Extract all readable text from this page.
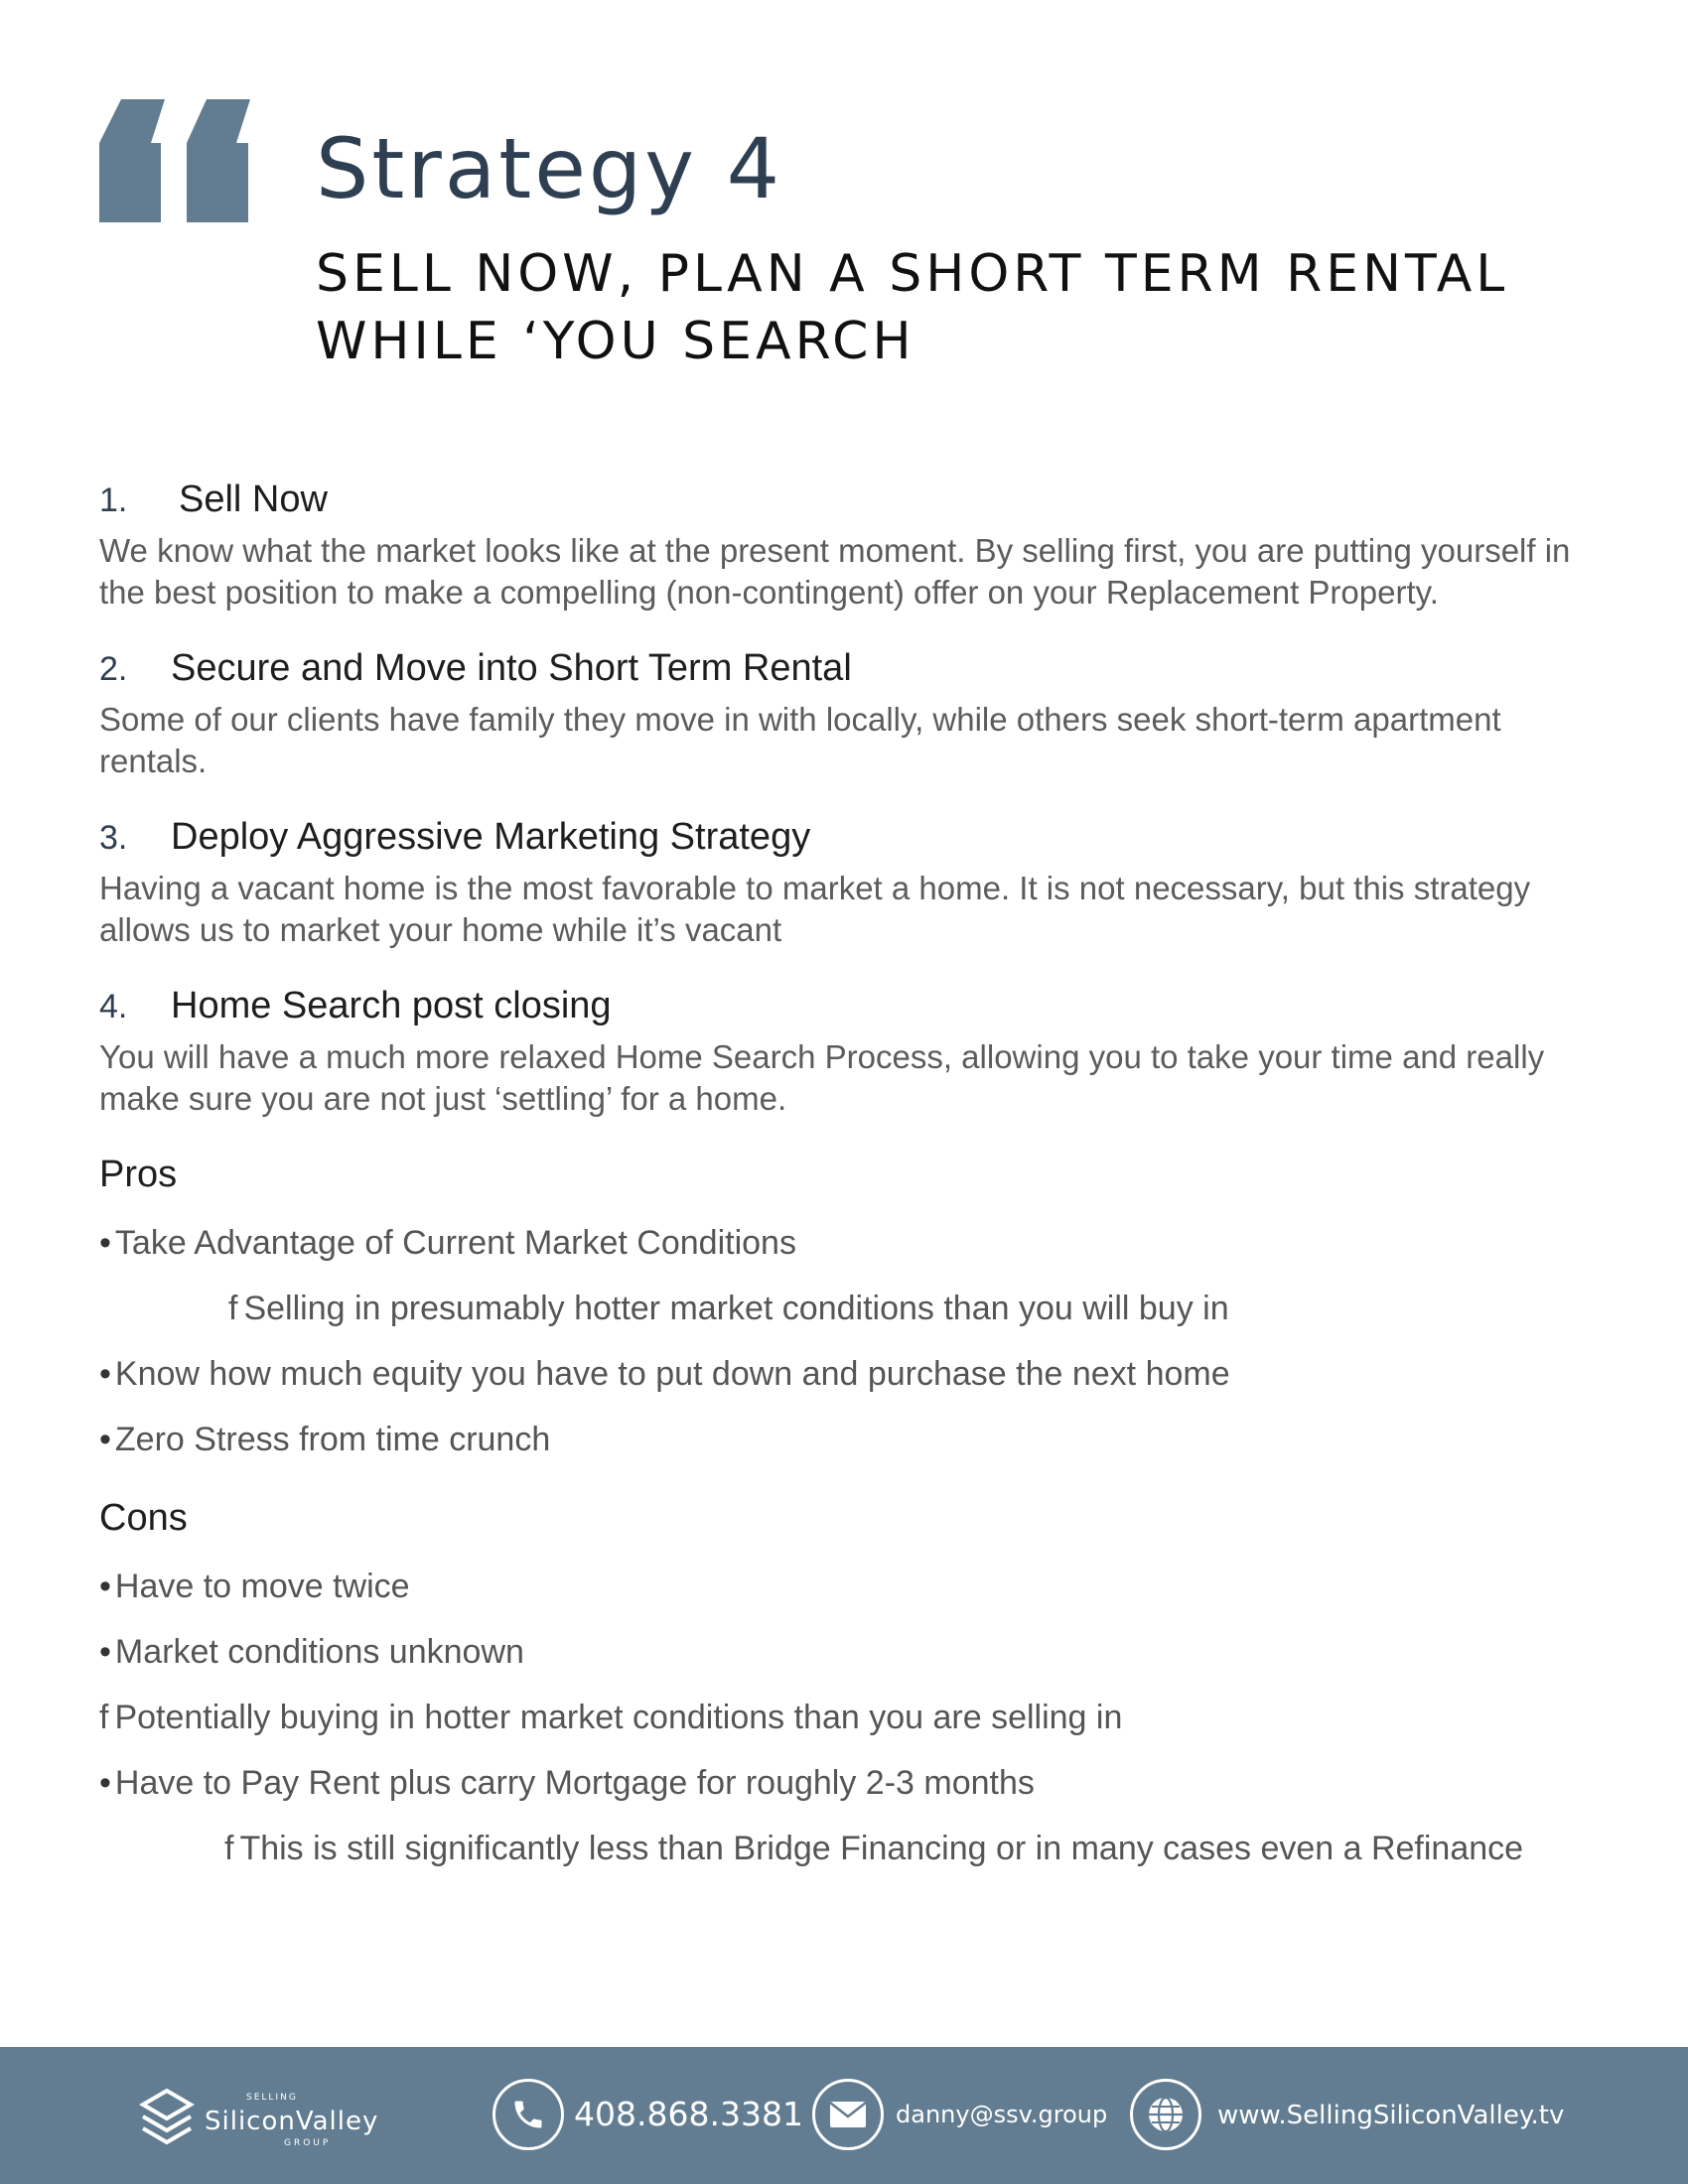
Strategy 4
SELL NOW, PLAN A SHORT TERM RENTAL
WHILE ‘YOU SEARCH
1.	Sell Now

We know what the market looks like at the present moment. By selling first, you are putting yourself in the best position to make a compelling (non-contingent) offer on your Replacement Property.

2.	Secure and Move into Short Term Rental

Some of our clients have family they move in with locally, while others seek short-term apartment rentals.

3.	Deploy Aggressive Marketing Strategy

Having a vacant home is the most favorable to market a home. It is not necessary, but this strategy allows us to market your home while it’s vacant

4.	Home Search post closing

You will have a much more relaxed Home Search Process, allowing you to take your time and really make sure you are not just ‘settling’ for a home.

Pros
• Take Advantage of Current Market Conditions
f Selling in presumably hotter market conditions than you will buy in
• Know how much equity you have to put down and purchase the next home
• Zero Stress from time crunch
Cons
• Have to move twice
• Market conditions unknown
f Potentially buying in hotter market conditions than you are selling in
• Have to Pay Rent plus carry Mortgage for roughly 2-3 months
f This is still significantly less than Bridge Financing or in many cases even a Refinance
SELLING
SiliconValley
GROUP
408.868.3381	danny@ssv.group	www.SellingSiliconValley.tv
